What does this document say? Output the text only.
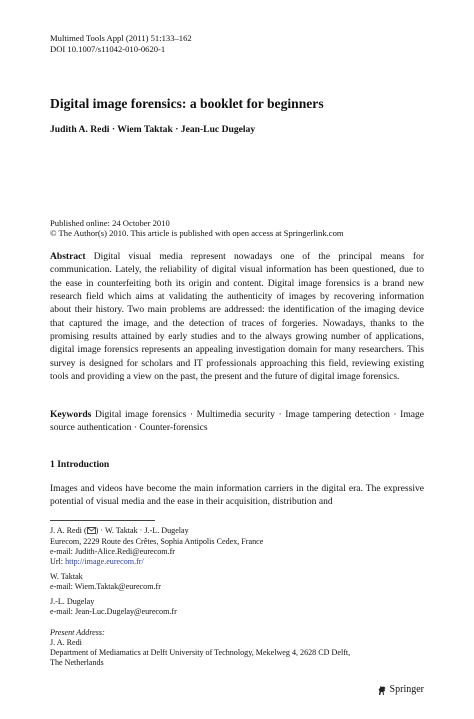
Multimed Tools Appl (2011) 51:133–162
DOI 10.1007/s11042-010-0620-1
Digital image forensics: a booklet for beginners
Judith A. Redi · Wiem Taktak · Jean-Luc Dugelay
Published online: 24 October 2010
© The Author(s) 2010. This article is published with open access at Springerlink.com
Abstract Digital visual media represent nowadays one of the principal means for communication. Lately, the reliability of digital visual information has been questioned, due to the ease in counterfeiting both its origin and content. Digital image forensics is a brand new research field which aims at validating the authenticity of images by recovering information about their history. Two main problems are addressed: the identification of the imaging device that captured the image, and the detection of traces of forgeries. Nowadays, thanks to the promising results attained by early studies and to the always growing number of applications, digital image forensics represents an appealing investigation domain for many researchers. This survey is designed for scholars and IT professionals approaching this field, reviewing existing tools and providing a view on the past, the present and the future of digital image forensics.
Keywords Digital image forensics · Multimedia security · Image tampering detection · Image source authentication · Counter-forensics
1 Introduction
Images and videos have become the main information carriers in the digital era. The expressive potential of visual media and the ease in their acquisition, distribution and
J. A. Redi ( ) · W. Taktak · J.-L. Dugelay
Eurecom, 2229 Route des Crêtes, Sophia Antipolis Cedex, France
e-mail: Judith-Alice.Redi@eurecom.fr
Url: http://image.eurecom.fr/
W. Taktak
e-mail: Wiem.Taktak@eurecom.fr
J.-L. Dugelay
e-mail: Jean-Luc.Dugelay@eurecom.fr
Present Address:
J. A. Redi
Department of Mediamatics at Delft University of Technology, Mekelweg 4, 2628 CD Delft,
The Netherlands
Springer
